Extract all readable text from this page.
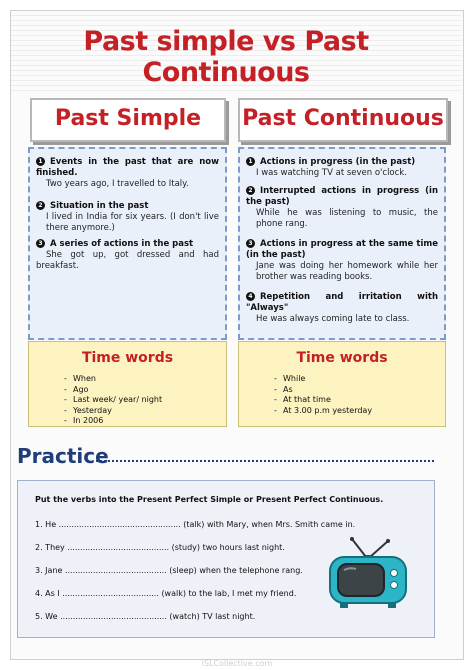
Past simple vs Past Continuous
Past Simple	Past Continuous
1 Events in the past that are now finished.
Two years ago, I travelled to Italy.
2 Situation in the past
I lived in India for six years. (I don't live there anymore.)
3 A series of actions in the past
She got up, got dressed and had breakfast.
1 Actions in progress (in the past)
I was watching TV at seven o'clock.
2 Interrupted actions in progress (in the past)
While he was listening to music, the phone rang.
3 Actions in progress at the same time (in the past)
Jane was doing her homework while her brother was reading books.
4 Repetition and irritation with "Always"
He was always coming late to class.
Time words
- When
- Ago
- Last week/ year/ night
- Yesterday
- In 2006
Time words
- While
- As
- At that time
- At 3.00 p.m yesterday
Practice
Put the verbs into the Present Perfect Simple or Present Perfect Continuous.
1. He ................................................ (talk) with Mary, when Mrs. Smith came in.
2. They ........................................ (study) two hours last night.
3. Jane ........................................ (sleep) when the telephone rang.
4. As I ...................................... (walk) to the lab, I met my friend.
5. We .......................................... (watch) TV last night.
iSLCollective.com
